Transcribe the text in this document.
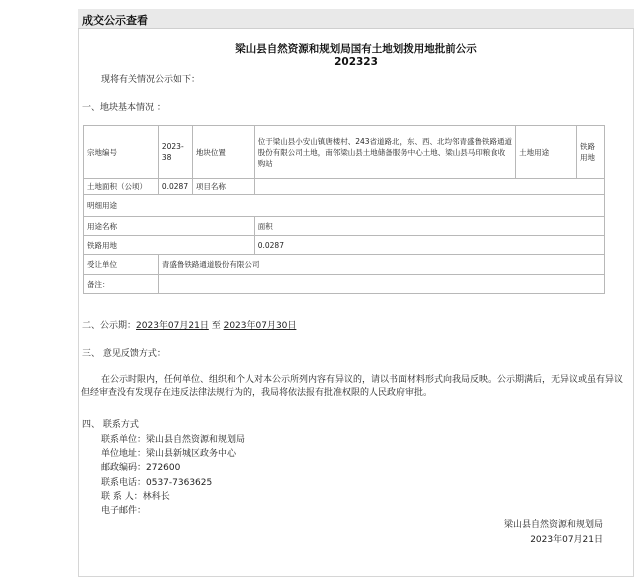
成交公示查看
梁山县自然资源和规划局国有土地划拨用地批前公示
202323
现将有关情况公示如下：
一、地块基本情况 ：
宗地编号	2023-38	地块位置	位于梁山县小安山镇唐楼村、243省道路北，东、西、北均邻青盛鲁铁路通道股份有限公司土地，南邻梁山县土地储备服务中心土地、梁山县马印粮食收购站	土地用途	铁路用地
土地面积（公顷）	0.0287	项目名称			
明细用途					
用途名称			面积		
铁路用地			0.0287		
受让单位	青盛鲁铁路通道股份有限公司				
备注：					
二、公示期：2023年07月21日 至 2023年07月30日
三、 意见反馈方式：
在公示时限内，任何单位、组织和个人对本公示所列内容有异议的，请以书面材料形式向我局反映。公示期满后，无异议或虽有异议但经审查没有发现存在违反法律法规行为的，我局将依法报有批准权限的人民政府审批。
四、 联系方式
联系单位：梁山县自然资源和规划局
单位地址：梁山县新城区政务中心
邮政编码：272600
联系电话：0537-7363625
联 系 人：林科长
电子邮件：
梁山县自然资源和规划局
2023年07月21日
